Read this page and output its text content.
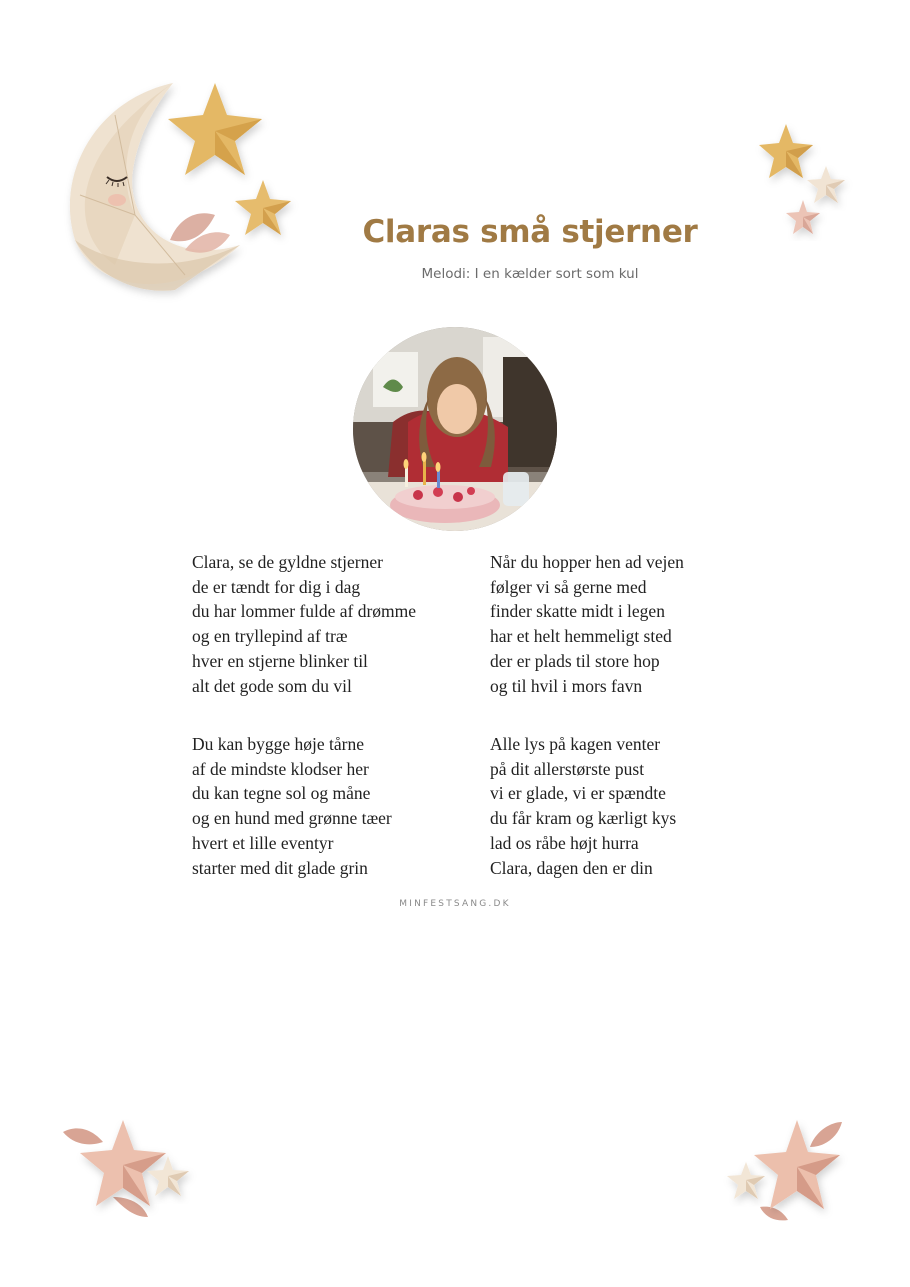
Claras små stjerner

Melodi: I en kælder sort som kul

Clara, se de gyldne stjerner
de er tændt for dig i dag
du har lommer fulde af drømme
og en tryllepind af træ
hver en stjerne blinker til
alt det gode som du vil
Når du hopper hen ad vejen
følger vi så gerne med
finder skatte midt i legen
har et helt hemmeligt sted
der er plads til store hop
og til hvil i mors favn
Du kan bygge høje tårne
af de mindste klodser her
du kan tegne sol og måne
og en hund med grønne tæer
hvert et lille eventyr
starter med dit glade grin
Alle lys på kagen venter
på dit allerstørste pust
vi er glade, vi er spændte
du får kram og kærligt kys
lad os råbe højt hurra
Clara, dagen den er din
MINFESTSANG.DK
